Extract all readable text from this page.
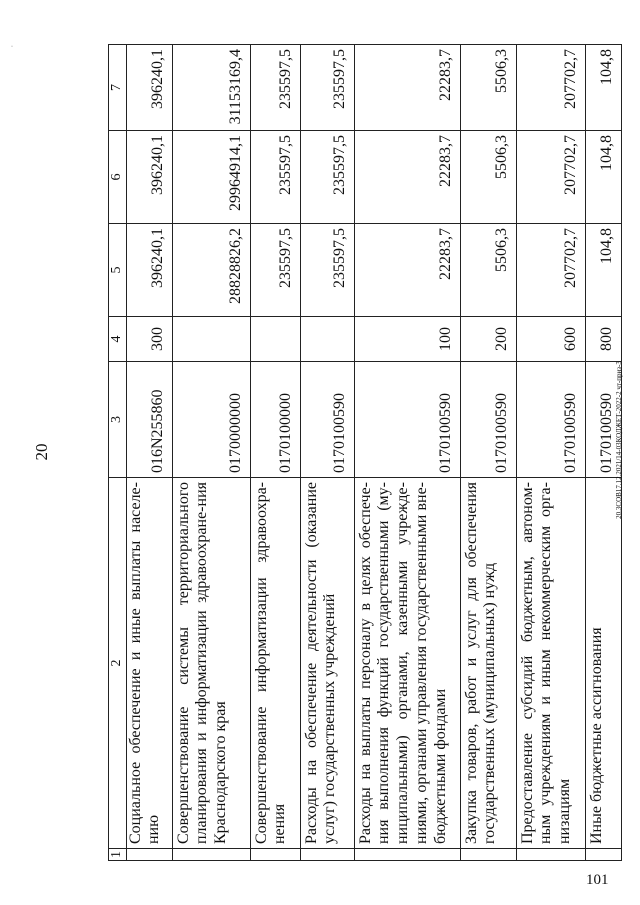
·
20
1	2	3	4	5	6	7
	Социальное обеспечение и иные выплаты населе-нию	016N255860	300	396240,1	396240,1	396240,1
	Совершенствование системы территориального планирования и информатизации здравоохране-ния Краснодарского края	0170000000		28828826,2	29964914,1	31153169,4
	Совершенствование информатизации здравоохра-нения	0170100000		235597,5	235597,5	235597,5
	Расходы на обеспечение деятельности (оказание услуг) государственных учреждений	0170100590		235597,5	235597,5	235597,5
	Расходы на выплаты персоналу в целях обеспече-ния выполнения функций государственными (му-ниципальными) органами, казенными учрежде-ниями, органами управления государственными вне-бюджетными фондами	0170100590	100	22283,7	22283,7	22283,7
	Закупка товаров, работ и услуг для обеспечения государственных (муниципальных) нужд	0170100590	200	5506,3	5506,3	5506,3
	Предоставление субсидий бюджетным, автоном-ным учреждениям и иным некоммерческим орга-низациям	0170100590	600	207702,7	207702,7	207702,7
	Иные бюджетные ассигнования	0170100590	800	104,8	104,8	104,8
20.3СОВ17.12.2021/14-0ЗКОДЖЕТ-2022-2 чт-приз-3
101
